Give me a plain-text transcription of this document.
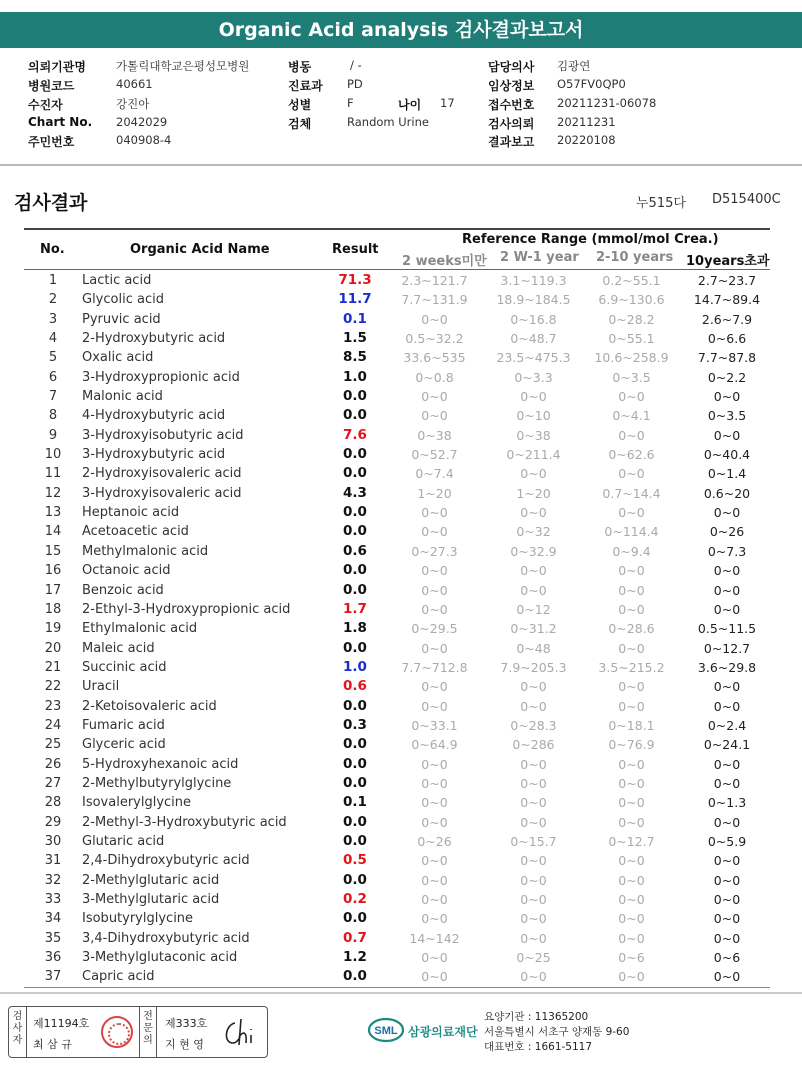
Organic Acid analysis 검사결과보고서
의뢰기관명	가톨릭대학교은평성모병원
병원코드	40661
수진자	강진아
Chart No. 2042029
주민번호	040908-4
병동	/ -
진료과 PD
성별	F	나이 17
검체	Random Urine
담당의사 김광연
임상정보 O57FV0QP0
접수번호 20211231-06078
검사의뢰 20211231
결과보고 20220108
검사결과	누515다 D515400C
No.	Organic Acid Name	Result
Reference Range (mmol/mol Crea.)
2 weeks미만 2 W-1 year 2-10 years 10years초과
1	Lactic acid	71.3	2.3~121.7	3.1~119.3	0.2~55.1	2.7~23.7
2	Glycolic acid	11.7	7.7~131.9	18.9~184.5	6.9~130.6	14.7~89.4
3	Pyruvic acid	0.1	0~0	0~16.8	0~28.2	2.6~7.9
4	2-Hydroxybutyric acid	1.5	0.5~32.2	0~48.7	0~55.1	0~6.6
5	Oxalic acid	8.5	33.6~535	23.5~475.3	10.6~258.9	7.7~87.8
6	3-Hydroxypropionic acid	1.0	0~0.8	0~3.3	0~3.5	0~2.2
7	Malonic acid	0.0	0~0	0~0	0~0	0~0
8	4-Hydroxybutyric acid	0.0	0~0	0~10	0~4.1	0~3.5
9	3-Hydroxyisobutyric acid	7.6	0~38	0~38	0~0	0~0
10	3-Hydroxybutyric acid	0.0	0~52.7	0~211.4	0~62.6	0~40.4
11	2-Hydroxyisovaleric acid	0.0	0~7.4	0~0	0~0	0~1.4
12	3-Hydroxyisovaleric acid	4.3	1~20	1~20	0.7~14.4	0.6~20
13	Heptanoic acid	0.0	0~0	0~0	0~0	0~0
14	Acetoacetic acid	0.0	0~0	0~32	0~114.4	0~26
15	Methylmalonic acid	0.6	0~27.3	0~32.9	0~9.4	0~7.3
16	Octanoic acid	0.0	0~0	0~0	0~0	0~0
17	Benzoic acid	0.0	0~0	0~0	0~0	0~0
18	2-Ethyl-3-Hydroxypropionic acid	1.7	0~0	0~12	0~0	0~0
19	Ethylmalonic acid	1.8	0~29.5	0~31.2	0~28.6	0.5~11.5
20	Maleic acid	0.0	0~0	0~48	0~0	0~12.7
21	Succinic acid	1.0	7.7~712.8	7.9~205.3	3.5~215.2	3.6~29.8
22	Uracil	0.6	0~0	0~0	0~0	0~0
23	2-Ketoisovaleric acid	0.0	0~0	0~0	0~0	0~0
24	Fumaric acid	0.3	0~33.1	0~28.3	0~18.1	0~2.4
25	Glyceric acid	0.0	0~64.9	0~286	0~76.9	0~24.1
26	5-Hydroxyhexanoic acid	0.0	0~0	0~0	0~0	0~0
27	2-Methylbutyrylglycine	0.0	0~0	0~0	0~0	0~0
28	Isovalerylglycine	0.1	0~0	0~0	0~0	0~1.3
29	2-Methyl-3-Hydroxybutyric acid	0.0	0~0	0~0	0~0	0~0
30	Glutaric acid	0.0	0~26	0~15.7	0~12.7	0~5.9
31	2,4-Dihydroxybutyric acid	0.5	0~0	0~0	0~0	0~0
32	2-Methylglutaric acid	0.0	0~0	0~0	0~0	0~0
33	3-Methylglutaric acid	0.2	0~0	0~0	0~0	0~0
34	Isobutyrylglycine	0.0	0~0	0~0	0~0	0~0
35	3,4-Dihydroxybutyric acid	0.7	14~142	0~0	0~0	0~0
36	3-Methylglutaconic acid	1.2	0~0	0~25	0~6	0~6
37	Capric acid	0.0	0~0	0~0	0~0	0~0
검사자
제11194호
최 삼 규
전문의
제333호
지 현 영
SML 삼광의료재단
요양기관 : 11365200
서울특별시 서초구 양재동 9-60
대표번호 : 1661-5117
